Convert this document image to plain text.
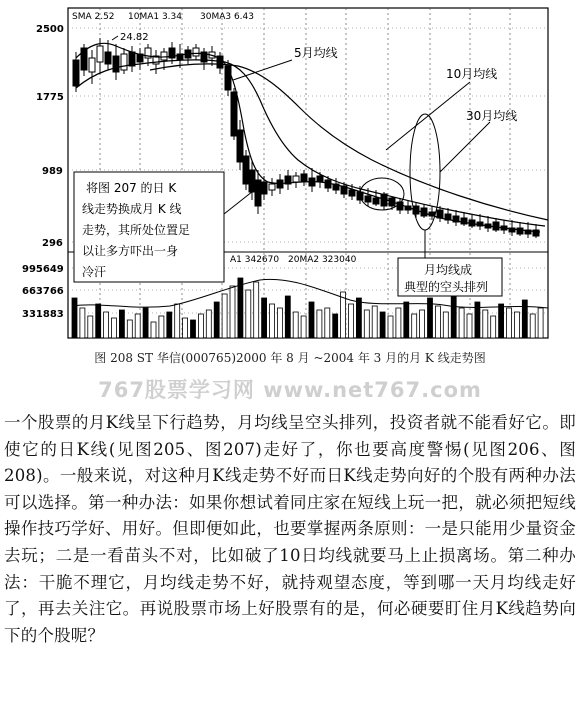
SMA 2.52 10MA1 3.34 30MA3 6.43
2500
1775
989
296
995649
663766
331883
A1 342670 20MA2 323040
24.82
5月均线
10月均线
30月均线
将图 207 的日 K 线走势换成月 K 线 走势，其所处位置足 以让多方吓出一身 冷汗	月均线成 典型的空头排列
图 208 ST 华信(000765)2000 年 8 月 ~2004 年 3 月的月 K 线走势图
767股票学习网 www.net767.com

一个股票的月K线呈下行趋势，月均线呈空头排列，投资者就不能看好它。即使它的日K线(见图205、图207)走好了，你也要高度警惕(见图206、图208)。一般来说，对这种月K线走势不好而日K线走势向好的个股有两种办法可以选择。第一种办法：如果你想试着同庄家在短线上玩一把，就必须把短线操作技巧学好、用好。但即便如此，也要掌握两条原则：一是只能用少量资金去玩；二是一看苗头不对，比如破了10日均线就要马上止损离场。第二种办法：干脆不理它，月均线走势不好，就持观望态度，等到哪一天月均线走好了，再去关注它。再说股票市场上好股票有的是，何必硬要盯住月K线趋势向下的个股呢？
